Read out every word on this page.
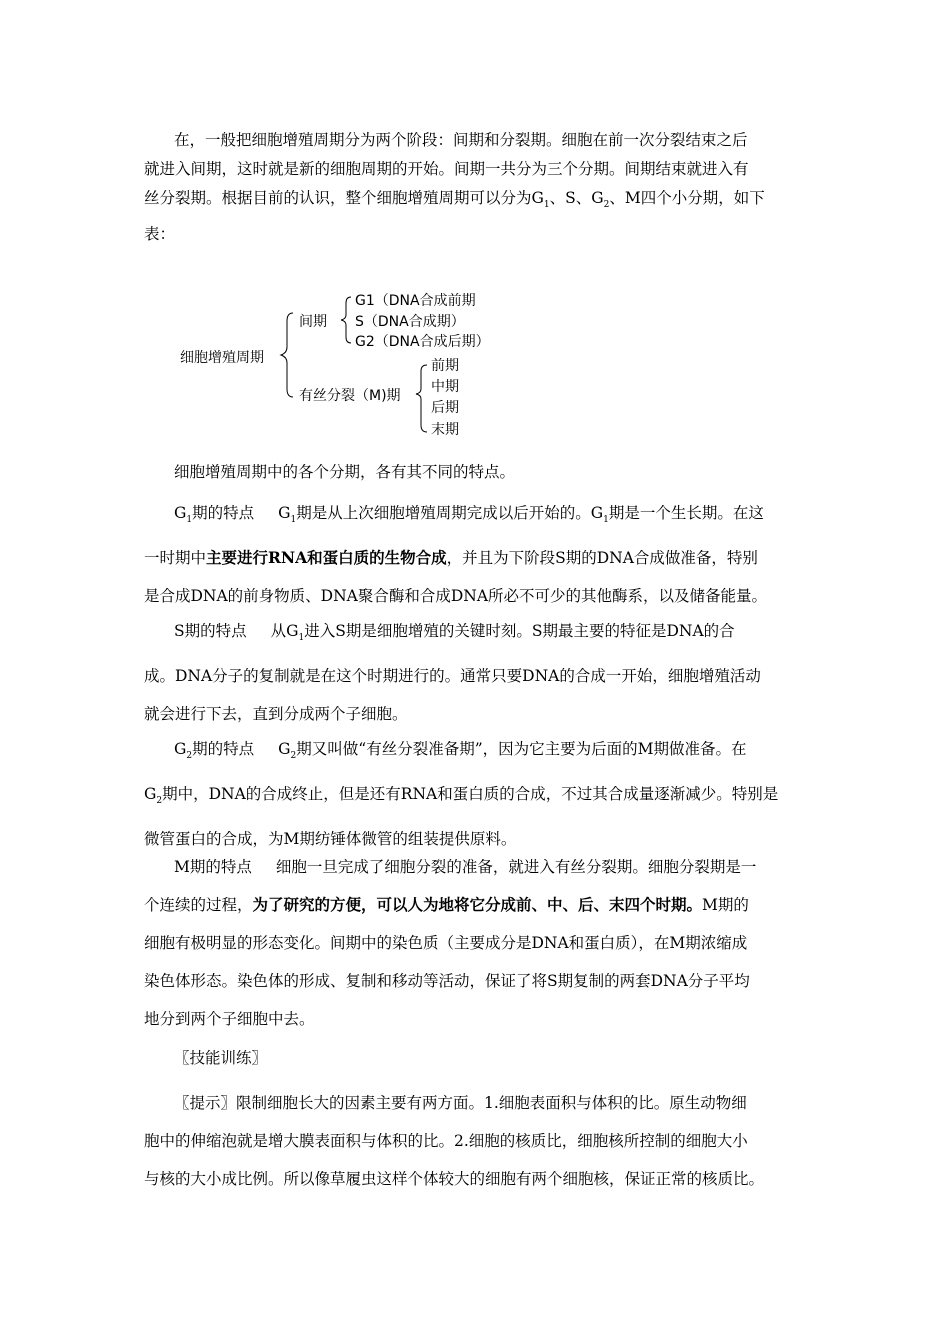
在，一般把细胞增殖周期分为两个阶段：间期和分裂期。细胞在前一次分裂结束之后

就进入间期，这时就是新的细胞周期的开始。间期一共分为三个分期。间期结束就进入有

丝分裂期。根据目前的认识，整个细胞增殖周期可以分为$G_1$、S、$G_2$、M四个小分期，如下

表：

细胞增殖周期
间期
G1（DNA合成前期
S（DNA合成期）
G2（DNA合成后期）
有丝分裂（M)期
前期
中期
后期
末期

细胞增殖周期中的各个分期，各有其不同的特点。

$G_1$期的特点 $G_1$期是从上次细胞增殖周期完成以后开始的。$G_1$期是一个生长期。在这

一时期中主要进行RNA和蛋白质的生物合成，并且为下阶段S期的DNA合成做准备，特别

是合成DNA的前身物质、DNA聚合酶和合成DNA所必不可少的其他酶系，以及储备能量。

S期的特点 从$G_1$进入S期是细胞增殖的关键时刻。S期最主要的特征是DNA的合

成。DNA分子的复制就是在这个时期进行的。通常只要DNA的合成一开始，细胞增殖活动

就会进行下去，直到分成两个子细胞。

$G_2$期的特点 $G_2$期又叫做“有丝分裂准备期”，因为它主要为后面的M期做准备。在

$G_2$期中，DNA的合成终止，但是还有RNA和蛋白质的合成，不过其合成量逐渐减少。特别是

微管蛋白的合成，为M期纺锤体微管的组装提供原料。

M期的特点 细胞一旦完成了细胞分裂的准备，就进入有丝分裂期。细胞分裂期是一

个连续的过程，为了研究的方便，可以人为地将它分成前、中、后、末四个时期。M期的

细胞有极明显的形态变化。间期中的染色质（主要成分是DNA和蛋白质），在M期浓缩成

染色体形态。染色体的形成、复制和移动等活动，保证了将S期复制的两套DNA分子平均

地分到两个子细胞中去。

〖技能训练〗

〖提示〗限制细胞长大的因素主要有两方面。1.细胞表面积与体积的比。原生动物细

胞中的伸缩泡就是增大膜表面积与体积的比。2.细胞的核质比，细胞核所控制的细胞大小

与核的大小成比例。所以像草履虫这样个体较大的细胞有两个细胞核，保证正常的核质比。
